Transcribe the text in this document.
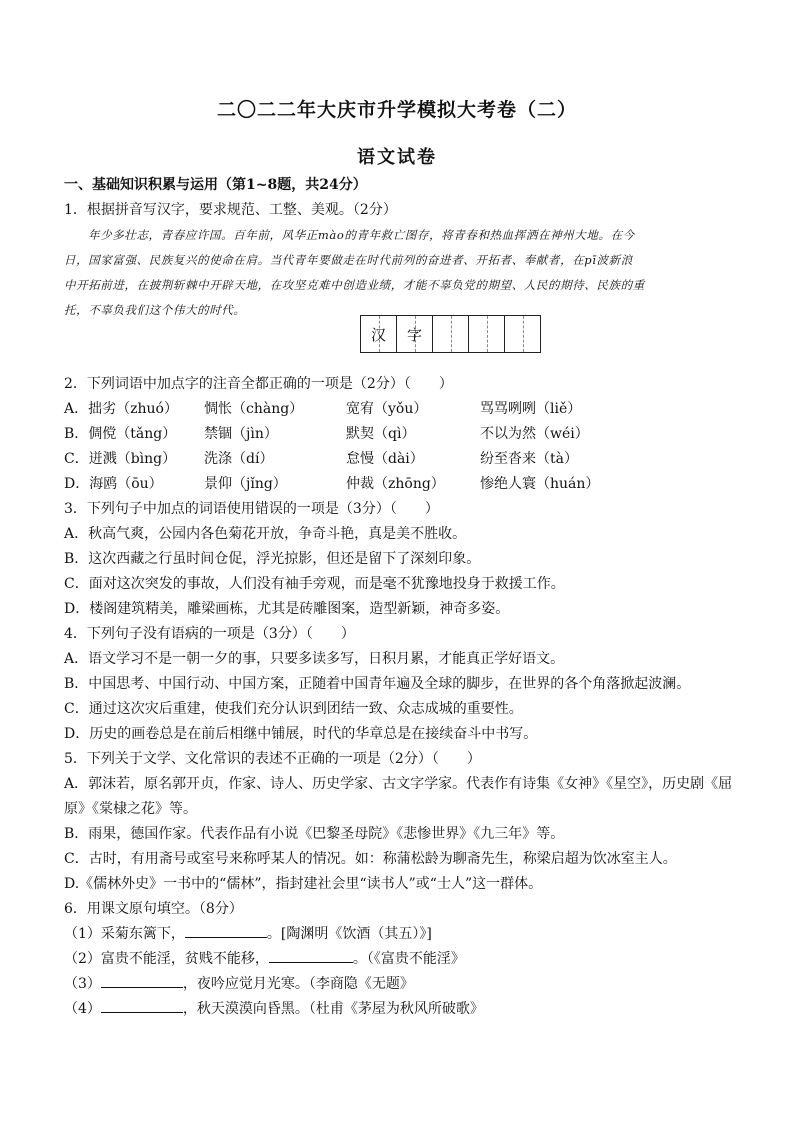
二〇二二年大庆市升学模拟大考卷（二）
语文试卷
一、基础知识积累与运用（第1~8题，共24分）
1．根据拼音写汉字，要求规范、工整、美观。（2分）

年少多壮志，青春应许国。百年前，风华正mào的青年救亡图存，将青春和热血挥洒在神州大地。在今

日，国家富强、民族复兴的使命在肩。当代青年要做走在时代前列的奋进者、开拓者、奉献者，在pī波新浪

中开拓前进，在披荆斩棘中开辟天地，在攻坚克难中创造业绩，才能不辜负党的期望、人民的期待、民族的重

托，不辜负我们这个伟大的时代。

汉 字
2．下列词语中加点字的注音全都正确的一项是（2分）（　　）
A．拙劣（zhuó）	惆怅（chàng）	宽宥（yǒu）	骂骂咧咧（liě）
B．倜傥（tǎng）	禁锢（jìn）	默契（qì）	不以为然（wéi）
C．迸溅（bìng）	洗涤（dí）	怠慢（dài）	纷至沓来（tà）
D．海鸥（ōu）	景仰（jǐng）	仲裁（zhōng）	惨绝人寰（huán）
3．下列句子中加点的词语使用错误的一项是（3分）（　　）
A．秋高气爽，公园内各色菊花开放，争奇斗艳，真是美不胜收。
B．这次西藏之行虽时间仓促，浮光掠影，但还是留下了深刻印象。
C．面对这次突发的事故，人们没有袖手旁观，而是毫不犹豫地投身于救援工作。
D．楼阁建筑精美，雕梁画栋，尤其是砖雕图案，造型新颖，神奇多姿。
4．下列句子没有语病的一项是（3分）（　　）
A．语文学习不是一朝一夕的事，只要多读多写，日积月累，才能真正学好语文。
B．中国思考、中国行动、中国方案，正随着中国青年遍及全球的脚步，在世界的各个角落掀起波澜。
C．通过这次灾后重建，使我们充分认识到团结一致、众志成城的重要性。
D．历史的画卷总是在前后相继中铺展，时代的华章总是在接续奋斗中书写。
5．下列关于文学、文化常识的表述不正确的一项是（2分）（　　）
A．郭沫若，原名郭开贞，作家、诗人、历史学家、古文字学家。代表作有诗集《女神》《星空》，历史剧《屈
原》《棠棣之花》等。
B．雨果，德国作家。代表作品有小说《巴黎圣母院》《悲惨世界》《九三年》等。
C．古时，有用斋号或室号来称呼某人的情况。如：称蒲松龄为聊斋先生，称梁启超为饮冰室主人。
D.《儒林外史》一书中的“儒林”，指封建社会里“读书人”或“士人”这一群体。
6．用课文原句填空。（8分）
（1）采菊东篱下，	。[陶渊明《饮酒（其五）》]
（2）富贵不能淫，贫贱不能移，	。（《富贵不能淫》
（3）	，夜吟应觉月光寒。（李商隐《无题》
（4）	，秋天漠漠向昏黑。（杜甫《茅屋为秋风所破歌》
